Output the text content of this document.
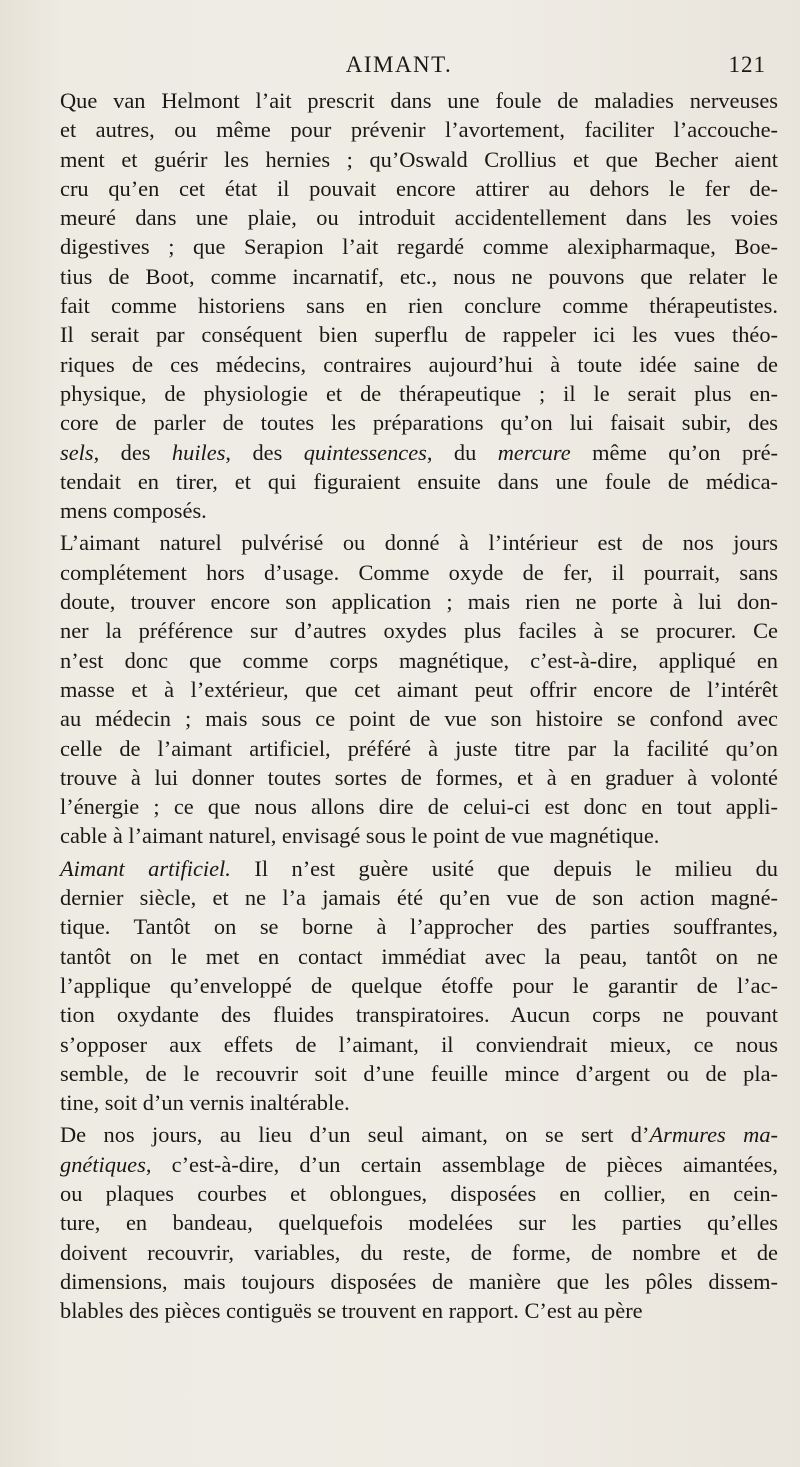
AIMANT.	121

Que van Helmont l’ait prescrit dans une foule de maladies nerveuses
et autres, ou même pour prévenir l’avortement, faciliter l’accouche-
ment et guérir les hernies ; qu’Oswald Crollius et que Becher aient
cru qu’en cet état il pouvait encore attirer au dehors le fer de-
meuré dans une plaie, ou introduit accidentellement dans les voies
digestives ; que Serapion l’ait regardé comme alexipharmaque, Boe-
tius de Boot, comme incarnatif, etc., nous ne pouvons que relater le
fait comme historiens sans en rien conclure comme thérapeutistes.
Il serait par conséquent bien superflu de rappeler ici les vues théo-
riques de ces médecins, contraires aujourd’hui à toute idée saine de
physique, de physiologie et de thérapeutique ; il le serait plus en-
core de parler de toutes les préparations qu’on lui faisait subir, des
sels, des huiles, des quintessences, du mercure même qu’on pré-
tendait en tirer, et qui figuraient ensuite dans une foule de médica-
mens composés.

L’aimant naturel pulvérisé ou donné à l’intérieur est de nos jours
complétement hors d’usage. Comme oxyde de fer, il pourrait, sans
doute, trouver encore son application ; mais rien ne porte à lui don-
ner la préférence sur d’autres oxydes plus faciles à se procurer. Ce
n’est donc que comme corps magnétique, c’est-à-dire, appliqué en
masse et à l’extérieur, que cet aimant peut offrir encore de l’intérêt
au médecin ; mais sous ce point de vue son histoire se confond avec
celle de l’aimant artificiel, préféré à juste titre par la facilité qu’on
trouve à lui donner toutes sortes de formes, et à en graduer à volonté
l’énergie ; ce que nous allons dire de celui-ci est donc en tout appli-
cable à l’aimant naturel, envisagé sous le point de vue magnétique.

Aimant artificiel. Il n’est guère usité que depuis le milieu du
dernier siècle, et ne l’a jamais été qu’en vue de son action magné-
tique. Tantôt on se borne à l’approcher des parties souffrantes,
tantôt on le met en contact immédiat avec la peau, tantôt on ne
l’applique qu’enveloppé de quelque étoffe pour le garantir de l’ac-
tion oxydante des fluides transpiratoires. Aucun corps ne pouvant
s’opposer aux effets de l’aimant, il conviendrait mieux, ce nous
semble, de le recouvrir soit d’une feuille mince d’argent ou de pla-
tine, soit d’un vernis inaltérable.

De nos jours, au lieu d’un seul aimant, on se sert d’Armures ma-
gnétiques, c’est-à-dire, d’un certain assemblage de pièces aimantées,
ou plaques courbes et oblongues, disposées en collier, en cein-
ture, en bandeau, quelquefois modelées sur les parties qu’elles
doivent recouvrir, variables, du reste, de forme, de nombre et de
dimensions, mais toujours disposées de manière que les pôles dissem-
blables des pièces contiguës se trouvent en rapport. C’est au père
